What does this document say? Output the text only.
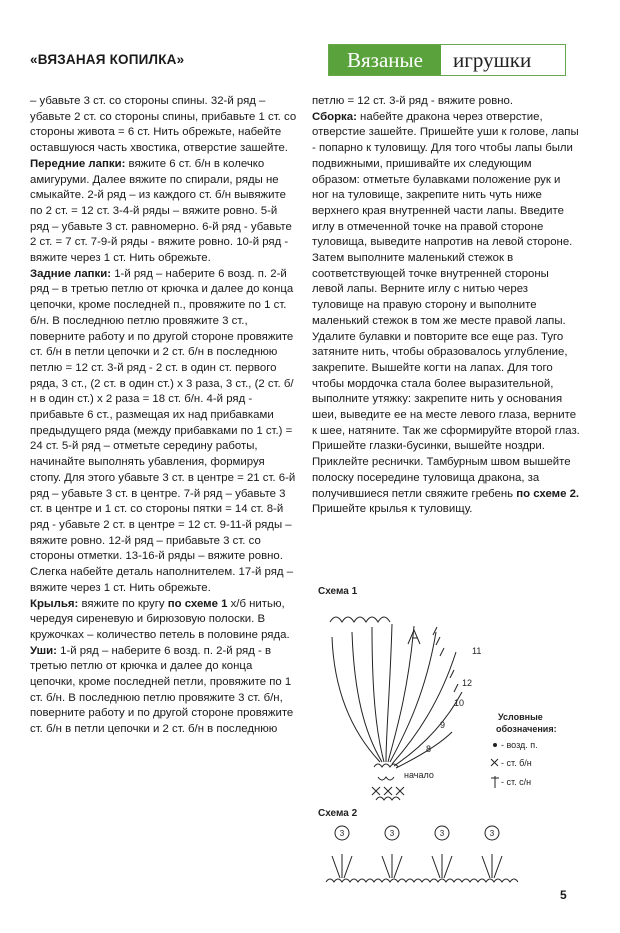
«ВЯЗАНАЯ КОПИЛКА»	Вязаные	игрушки

– убавьте 3 ст. со стороны спины. 32-й ряд – убавьте 2 ст. со стороны спины, прибавьте 1 ст. со стороны живота = 6 ст. Нить обрежьте, набейте оставшуюся часть хвостика, отверстие зашейте.

Передние лапки: вяжите 6 ст. б/н в колечко амигуруми. Далее вяжите по спирали, ряды не смыкайте. 2-й ряд – из каждого ст. б/н вывяжите по 2 ст. = 12 ст. 3-4-й ряды – вяжите ровно. 5-й ряд – убавьте 3 ст. равномерно. 6-й ряд - убавьте 2 ст. = 7 ст. 7-9-й ряды - вяжите ровно. 10-й ряд - вяжите через 1 ст. Нить обрежьте.

Задние лапки: 1-й ряд – наберите 6 возд. п. 2-й ряд – в третью петлю от крючка и далее до конца цепочки, кроме последней п., провяжите по 1 ст. б/н. В последнюю петлю провяжите 3 ст., поверните работу и по другой стороне провяжите ст. б/н в петли цепочки и 2 ст. б/н в последнюю петлю = 12 ст. 3-й ряд - 2 ст. в один ст. первого ряда, 3 ст., (2 ст. в один ст.) x 3 раза, 3 ст., (2 ст. б/н в один ст.) x 2 раза = 18 ст. б/н. 4-й ряд - прибавьте 6 ст., размещая их над прибавками предыдущего ряда (между прибавками по 1 ст.) = 24 ст. 5-й ряд – отметьте середину работы, начинайте выполнять убавления, формируя стопу. Для этого убавьте 3 ст. в центре = 21 ст. 6-й ряд – убавьте 3 ст. в центре. 7-й ряд – убавьте 3 ст. в центре и 1 ст. со стороны пятки = 14 ст. 8-й ряд - убавьте 2 ст. в центре = 12 ст. 9-11-й ряды – вяжите ровно. 12-й ряд – прибавьте 3 ст. со стороны отметки. 13-16-й ряды – вяжите ровно. Слегка набейте деталь наполнителем. 17-й ряд – вяжите через 1 ст. Нить обрежьте.

Крылья: вяжите по кругу по схеме 1 х/б нитью, чередуя сиреневую и бирюзовую полоски. В кружочках – количество петель в половине ряда.

Уши: 1-й ряд – наберите 6 возд. п. 2-й ряд - в третью петлю от крючка и далее до конца цепочки, кроме последней петли, провяжите по 1 ст. б/н. В последнюю петлю провяжите 3 ст. б/н, поверните работу и по другой стороне провяжите ст. б/н в петли цепочки и 2 ст. б/н в последнюю

петлю = 12 ст. 3-й ряд - вяжите ровно.

Сборка: набейте дракона через отверстие, отверстие зашейте. Пришейте уши к голове, лапы - попарно к туловищу. Для того чтобы лапы были подвижными, пришивайте их следующим образом: отметьте булавками положение рук и ног на туловище, закрепите нить чуть ниже верхнего края внутренней части лапы. Введите иглу в отмеченной точке на правой стороне туловища, выведите напротив на левой стороне. Затем выполните маленький стежок в соответствующей точке внутренней стороны левой лапы. Верните иглу с нитью через туловище на правую сторону и выполните маленький стежок в том же месте правой лапы. Удалите булавки и повторите все еще раз. Туго затяните нить, чтобы образовалось углубление, закрепите. Вышейте когти на лапах. Для того чтобы мордочка стала более выразительной, выполните утяжку: закрепите нить у основания шеи, выведите ее на месте левого глаза, верните к шее, натяните. Так же сформируйте второй глаз. Пришейте глазки-бусинки, вышейте ноздри. Приклейте реснички. Тамбурным швом вышейте полоску посередине туловища дракона, за получившиеся петли свяжите гребень по схеме 2. Пришейте крылья к туловищу.

Схема 1
начало
11
12
10
9
8
Условные
обозначения:
- возд. п.
- ст. б/н
- ст. с/н
Схема 2
3	3	3	3
5
